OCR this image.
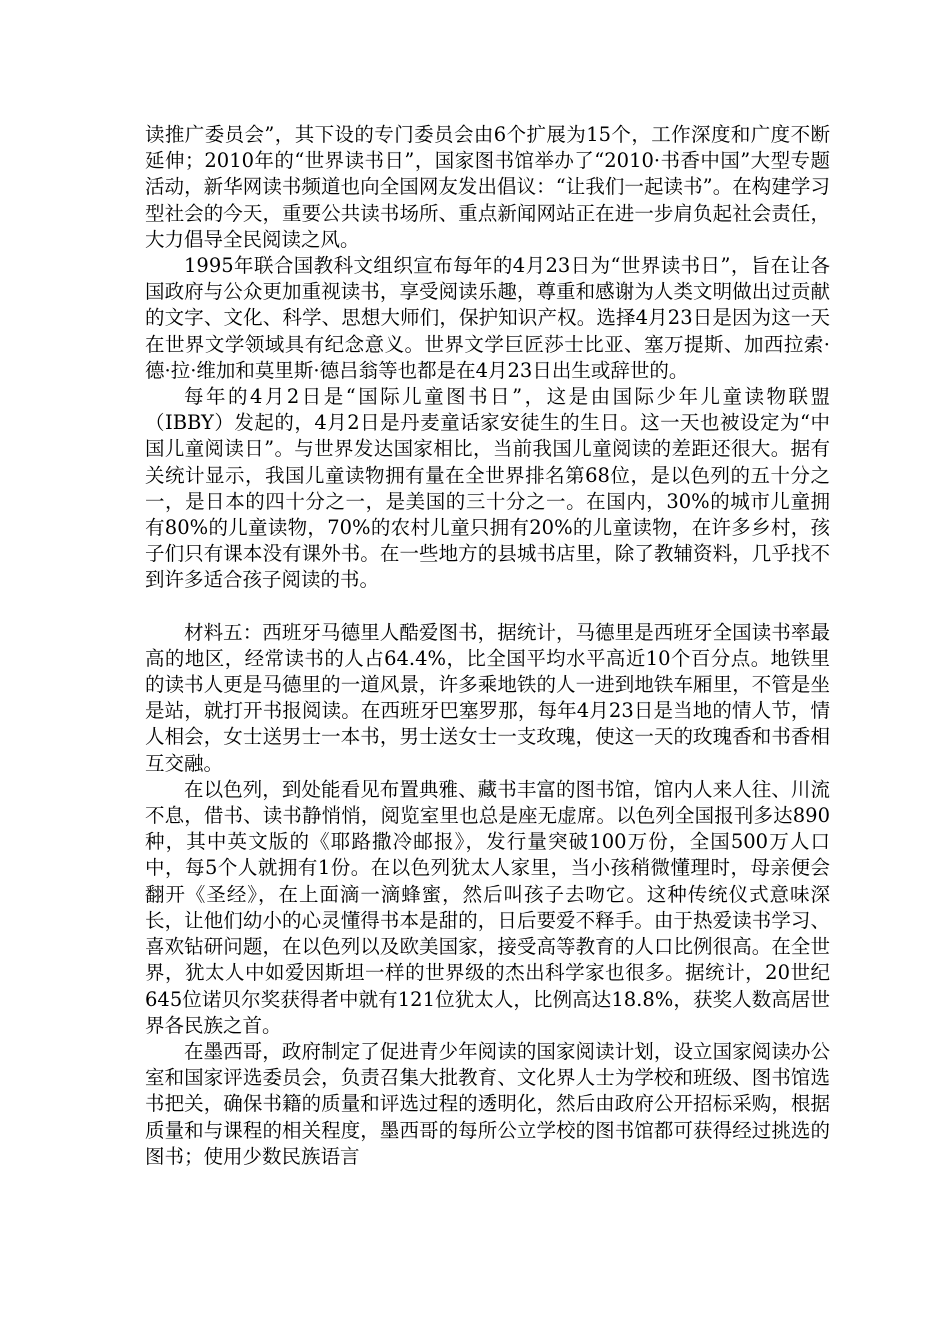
读推广委员会”，其下设的专门委员会由6个扩展为15个，工作深度和广度不断延伸；2010年的“世界读书日”，国家图书馆举办了“2010·书香中国”大型专题活动，新华网读书频道也向全国网友发出倡议：“让我们一起读书”。在构建学习型社会的今天，重要公共读书场所、重点新闻网站正在进一步肩负起社会责任，大力倡导全民阅读之风。

1995年联合国教科文组织宣布每年的4月23日为“世界读书日”，旨在让各国政府与公众更加重视读书，享受阅读乐趣，尊重和感谢为人类文明做出过贡献的文字、文化、科学、思想大师们，保护知识产权。选择4月23日是因为这一天在世界文学领域具有纪念意义。世界文学巨匠莎士比亚、塞万提斯、加西拉索·德·拉·维加和莫里斯·德吕翁等也都是在4月23日出生或辞世的。

每年的4月2日是“国际儿童图书日”，这是由国际少年儿童读物联盟（IBBY）发起的，4月2日是丹麦童话家安徒生的生日。这一天也被设定为“中国儿童阅读日”。与世界发达国家相比，当前我国儿童阅读的差距还很大。据有关统计显示，我国儿童读物拥有量在全世界排名第68位，是以色列的五十分之一，是日本的四十分之一，是美国的三十分之一。在国内，30%的城市儿童拥有80%的儿童读物，70%的农村儿童只拥有20%的儿童读物，在许多乡村，孩子们只有课本没有课外书。在一些地方的县城书店里，除了教辅资料，几乎找不到许多适合孩子阅读的书。

材料五：西班牙马德里人酷爱图书，据统计，马德里是西班牙全国读书率最高的地区，经常读书的人占64.4%，比全国平均水平高近10个百分点。地铁里的读书人更是马德里的一道风景，许多乘地铁的人一进到地铁车厢里，不管是坐是站，就打开书报阅读。在西班牙巴塞罗那，每年4月23日是当地的情人节，情人相会，女士送男士一本书，男士送女士一支玫瑰，使这一天的玫瑰香和书香相互交融。

在以色列，到处能看见布置典雅、藏书丰富的图书馆，馆内人来人往、川流不息，借书、读书静悄悄，阅览室里也总是座无虚席。以色列全国报刊多达890种，其中英文版的《耶路撒冷邮报》，发行量突破100万份，全国500万人口中，每5个人就拥有1份。在以色列犹太人家里，当小孩稍微懂理时，母亲便会翻开《圣经》，在上面滴一滴蜂蜜，然后叫孩子去吻它。这种传统仪式意味深长，让他们幼小的心灵懂得书本是甜的，日后要爱不释手。由于热爱读书学习、喜欢钻研问题，在以色列以及欧美国家，接受高等教育的人口比例很高。在全世界，犹太人中如爱因斯坦一样的世界级的杰出科学家也很多。据统计，20世纪645位诺贝尔奖获得者中就有121位犹太人，比例高达18.8%，获奖人数高居世界各民族之首。

在墨西哥，政府制定了促进青少年阅读的国家阅读计划，设立国家阅读办公室和国家评选委员会，负责召集大批教育、文化界人士为学校和班级、图书馆选书把关，确保书籍的质量和评选过程的透明化，然后由政府公开招标采购，根据质量和与课程的相关程度，墨西哥的每所公立学校的图书馆都可获得经过挑选的图书；使用少数民族语言
